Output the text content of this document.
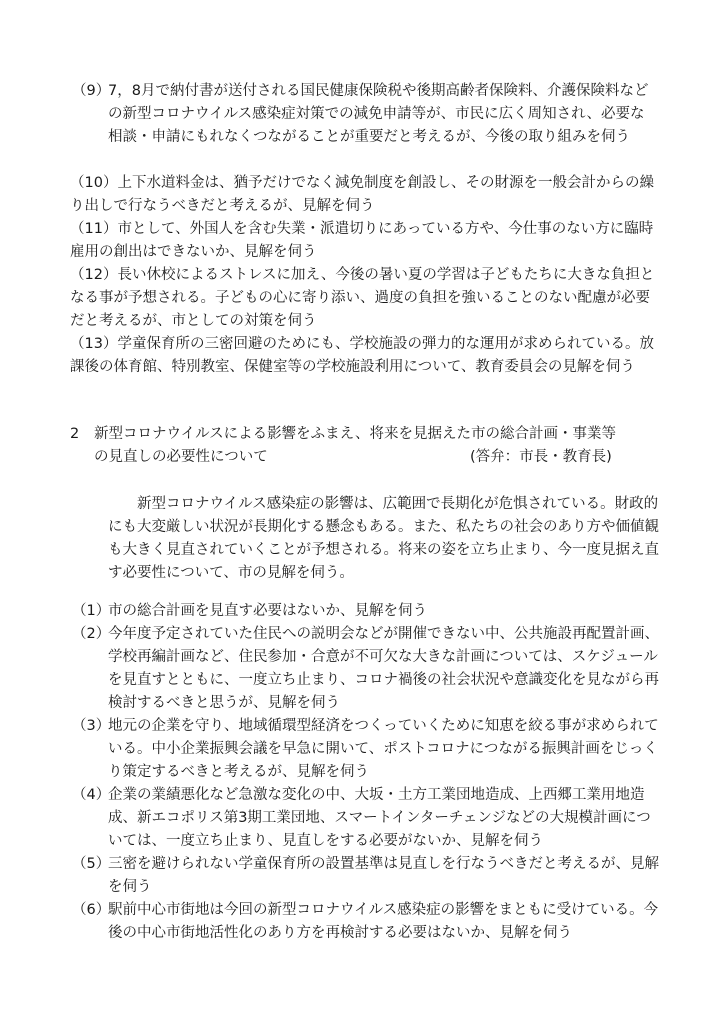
（9）
7，8月で納付書が送付される国民健康保険税や後期高齢者保険料、介護保険料などの新型コロナウイルス感染症対策での減免申請等が、市民に広く周知され、必要な相談・申請にもれなくつながることが重要だと考えるが、今後の取り組みを伺う
（10）上下水道料金は、猶予だけでなく減免制度を創設し、その財源を一般会計からの繰り出しで行なうべきだと考えるが、見解を伺う
（11）市として、外国人を含む失業・派遣切りにあっている方や、今仕事のない方に臨時雇用の創出はできないか、見解を伺う
（12）長い休校によるストレスに加え、今後の暑い夏の学習は子どもたちに大きな負担となる事が予想される。子どもの心に寄り添い、過度の負担を強いることのない配慮が必要だと考えるが、市としての対策を伺う
（13）学童保育所の三密回避のためにも、学校施設の弾力的な運用が求められている。放課後の体育館、特別教室、保健室等の学校施設利用について、教育委員会の見解を伺う
2 新型コロナウイルスによる影響をふまえ、将来を見据えた市の総合計画・事業等
の見直しの必要性について	(答弁：市長・教育長)
新型コロナウイルス感染症の影響は、広範囲で長期化が危惧されている。財政的にも大変厳しい状況が長期化する懸念もある。また、私たちの社会のあり方や価値観も大きく見直されていくことが予想される。将来の姿を立ち止まり、今一度見据え直す必要性について、市の見解を伺う。
（1）
市の総合計画を見直す必要はないか、見解を伺う
（2）
今年度予定されていた住民への説明会などが開催できない中、公共施設再配置計画、学校再編計画など、住民参加・合意が不可欠な大きな計画については、スケジュールを見直すとともに、一度立ち止まり、コロナ禍後の社会状況や意識変化を見ながら再検討するべきと思うが、見解を伺う
（3）
地元の企業を守り、地域循環型経済をつくっていくために知恵を絞る事が求められている。中小企業振興会議を早急に開いて、ポストコロナにつながる振興計画をじっくり策定するべきと考えるが、見解を伺う
（4）
企業の業績悪化など急激な変化の中、大坂・土方工業団地造成、上西郷工業用地造成、新エコポリス第3期工業団地、スマートインターチェンジなどの大規模計画については、一度立ち止まり、見直しをする必要がないか、見解を伺う
（5）
三密を避けられない学童保育所の設置基準は見直しを行なうべきだと考えるが、見解を伺う
（6）
駅前中心市街地は今回の新型コロナウイルス感染症の影響をまともに受けている。今後の中心市街地活性化のあり方を再検討する必要はないか、見解を伺う
